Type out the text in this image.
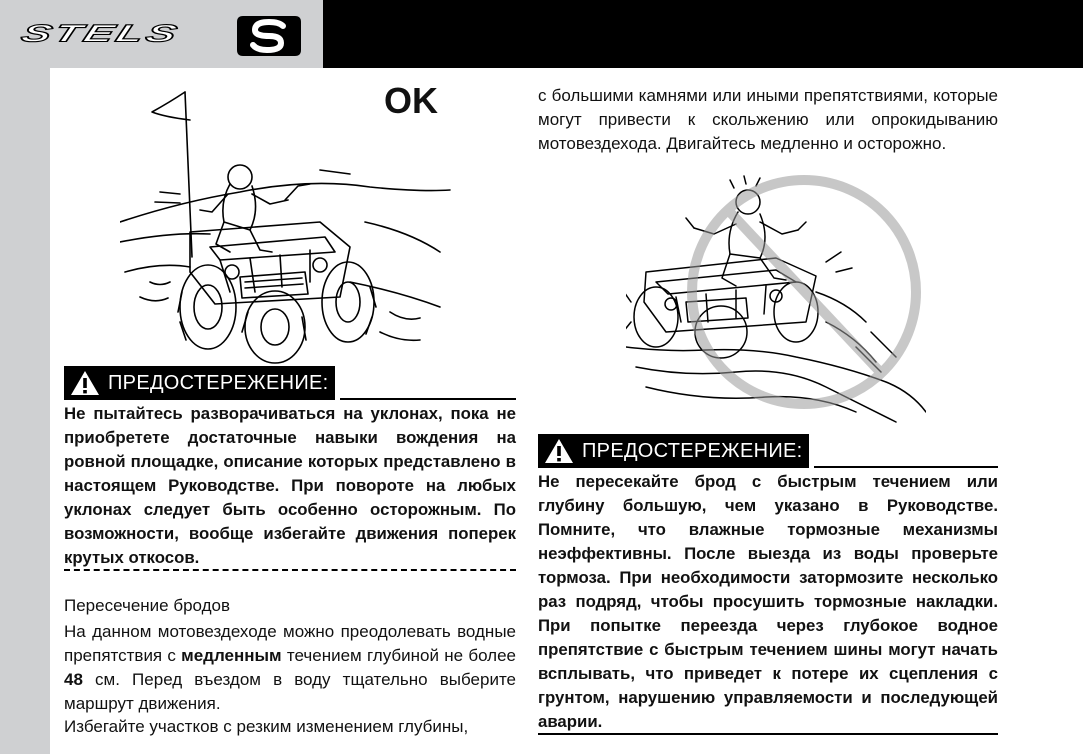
STELS
OK
ПРЕДОСТЕРЕЖЕНИЕ:

Не пытайтесь разворачиваться на уклонах, пока не приобретете достаточные навыки вождения на ровной площадке, описание которых представлено в настоящем Руководстве. При повороте на любых уклонах следует быть особенно осторожным. По возможности, вообще избегайте движения поперек крутых откосов.

Пересечение бродов

На данном мотовездеходе можно преодолевать водные препятствия с медленным течением глубиной не более 48 см. Перед въездом в воду тщательно выберите маршрут движения.

Избегайте участков с резким изменением глубины,

с большими камнями или иными препятствиями, которые могут привести к скольжению или опрокидыванию мотовездехода. Двигайтесь медленно и осторожно.

ПРЕДОСТЕРЕЖЕНИЕ:

Не пересекайте брод с быстрым течением или глубину большую, чем указано в Руководстве. Помните, что влажные тормозные механизмы неэффективны. После выезда из воды проверьте тормоза. При необходимости затормозите несколько раз подряд, чтобы просушить тормозные накладки. При попытке переезда через глубокое водное препятствие с быстрым течением шины могут начать всплывать, что приведет к потере их сцепления с грунтом, нарушению управляемости и последующей аварии.
